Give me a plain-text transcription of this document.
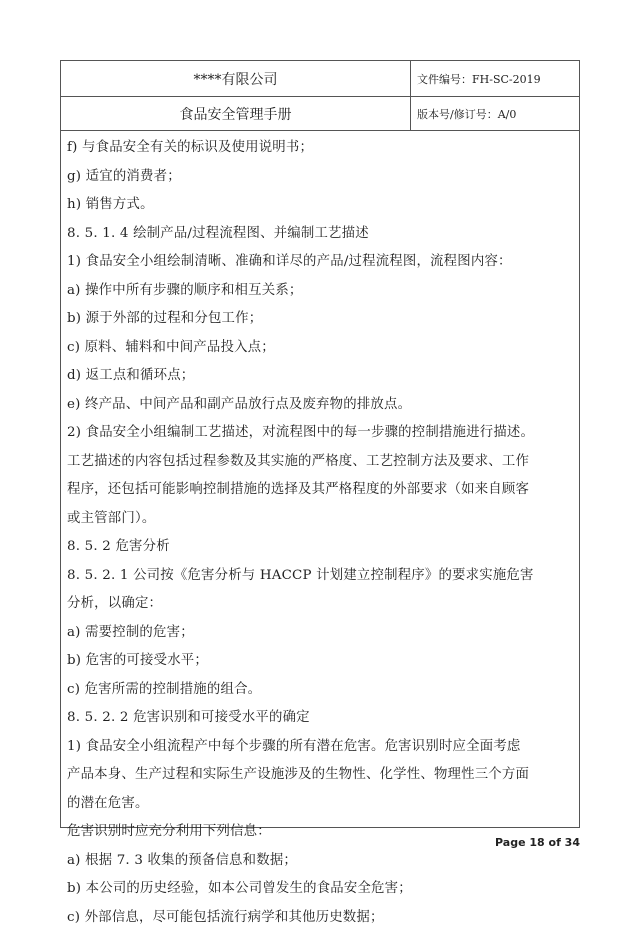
****有限公司	文件编号：FH-SC-2019
食品安全管理手册	版本号/修订号：A/0
f) 与食品安全有关的标识及使用说明书；
g) 适宜的消费者；
h) 销售方式。
8. 5. 1. 4 绘制产品/过程流程图、并编制工艺描述
1) 食品安全小组绘制清晰、准确和详尽的产品/过程流程图，流程图内容：
a) 操作中所有步骤的顺序和相互关系；
b) 源于外部的过程和分包工作；
c) 原料、辅料和中间产品投入点；
d) 返工点和循环点；
e) 终产品、中间产品和副产品放行点及废弃物的排放点。
2) 食品安全小组编制工艺描述，对流程图中的每一步骤的控制措施进行描述。
工艺描述的内容包括过程参数及其实施的严格度、工艺控制方法及要求、工作
程序，还包括可能影响控制措施的选择及其严格程度的外部要求（如来自顾客
或主管部门）。
8. 5. 2 危害分析
8. 5. 2. 1 公司按《危害分析与 HACCP 计划建立控制程序》的要求实施危害
分析，以确定：
a) 需要控制的危害；
b) 危害的可接受水平；
c) 危害所需的控制措施的组合。
8. 5. 2. 2 危害识别和可接受水平的确定
1) 食品安全小组流程产中每个步骤的所有潜在危害。危害识别时应全面考虑
产品本身、生产过程和实际生产设施涉及的生物性、化学性、物理性三个方面
的潜在危害。
危害识别时应充分利用下列信息：
a) 根据 7. 3 收集的预备信息和数据；
b) 本公司的历史经验，如本公司曾发生的食品安全危害；
c) 外部信息，尽可能包括流行病学和其他历史数据；
Page 18 of 34
